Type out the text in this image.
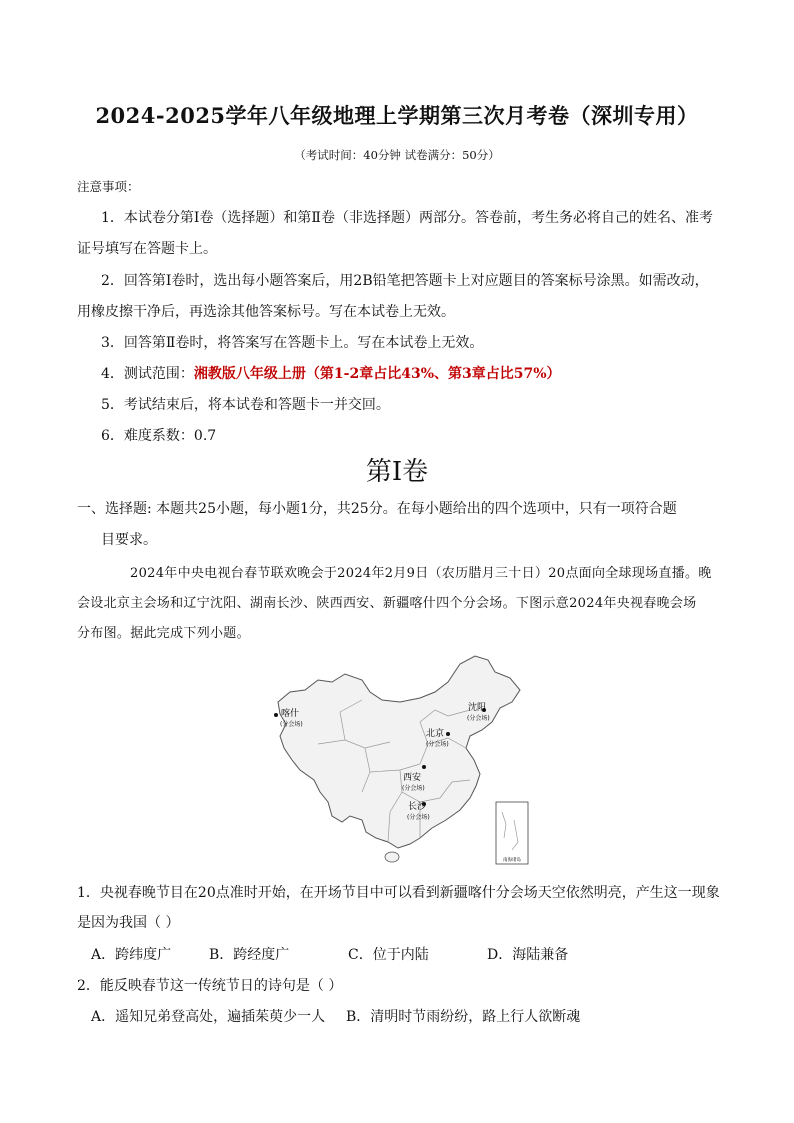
2024-2025学年八年级地理上学期第三次月考卷（深圳专用）
（考试时间：40分钟 试卷满分：50分）
注意事项：
1．本试卷分第Ⅰ卷（选择题）和第Ⅱ卷（非选择题）两部分。答卷前，考生务必将自己的姓名、准考
证号填写在答题卡上。
2．回答第Ⅰ卷时，选出每小题答案后，用2B铅笔把答题卡上对应题目的答案标号涂黑。如需改动，
用橡皮擦干净后，再选涂其他答案标号。写在本试卷上无效。
3．回答第Ⅱ卷时，将答案写在答题卡上。写在本试卷上无效。
4．测试范围：湘教版八年级上册（第1-2章占比43%、第3章占比57%）
5．考试结束后，将本试卷和答题卡一并交回。
6．难度系数：0.7
第Ⅰ卷
一、选择题: 本题共25小题，每小题1分，共25分。在每小题给出的四个选项中，只有一项符合题
目要求。
2024年中央电视台春节联欢晚会于2024年2月9日（农历腊月三十日）20点面向全球现场直播。晚
会设北京主会场和辽宁沈阳、湖南长沙、陕西西安、新疆喀什四个分会场。下图示意2024年央视春晚会场
分布图。据此完成下列小题。
南海诸岛
喀什
(分会场)
沈阳
(分会场)
北京
(分会场)
西安
(分会场)
长沙
(分会场)
1．央视春晚节目在20点准时开始，在开场节目中可以看到新疆喀什分会场天空依然明亮，产生这一现象
是因为我国（ ）
A．跨纬度广	B．跨经度广	C．位于内陆	D．海陆兼备
2．能反映春节这一传统节日的诗句是（ ）
A．遥知兄弟登高处，遍插茱萸少一人 B．清明时节雨纷纷，路上行人欲断魂
